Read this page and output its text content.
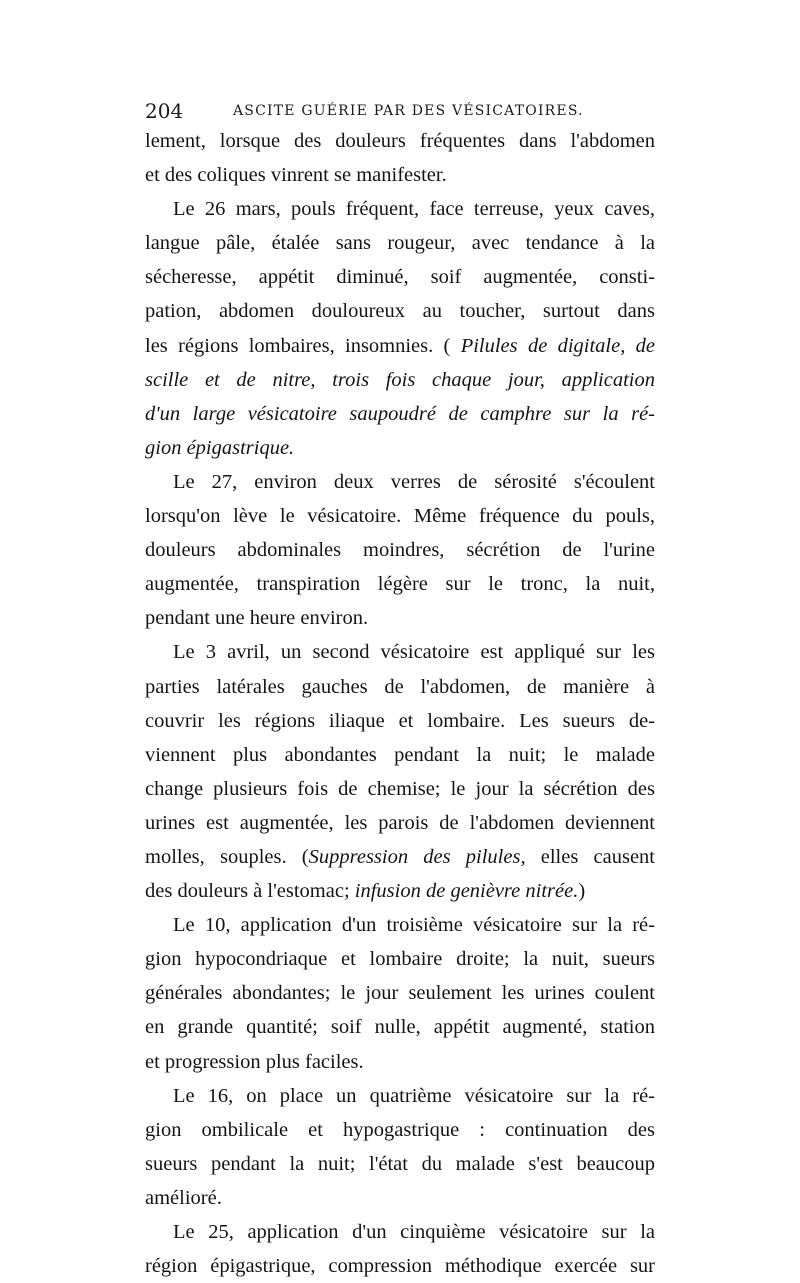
204	ASCITE GUÉRIE PAR DES VÉSICATOIRES.
lement, lorsque des douleurs fréquentes dans l'abdomen
et des coliques vinrent se manifester.
Le 26 mars, pouls fréquent, face terreuse, yeux caves,
langue pâle, étalée sans rougeur, avec tendance à la
sécheresse, appétit diminué, soif augmentée, consti-
pation, abdomen douloureux au toucher, surtout dans
les régions lombaires, insomnies. ( Pilules de digitale, de
scille et de nitre, trois fois chaque jour, application
d'un large vésicatoire saupoudré de camphre sur la ré-
gion épigastrique.
Le 27, environ deux verres de sérosité s'écoulent
lorsqu'on lève le vésicatoire. Même fréquence du pouls,
douleurs abdominales moindres, sécrétion de l'urine
augmentée, transpiration légère sur le tronc, la nuit,
pendant une heure environ.
Le 3 avril, un second vésicatoire est appliqué sur les
parties latérales gauches de l'abdomen, de manière à
couvrir les régions iliaque et lombaire. Les sueurs de-
viennent plus abondantes pendant la nuit; le malade
change plusieurs fois de chemise; le jour la sécrétion des
urines est augmentée, les parois de l'abdomen deviennent
molles, souples. (Suppression des pilules, elles causent
des douleurs à l'estomac; infusion de genièvre nitrée.)
Le 10, application d'un troisième vésicatoire sur la ré-
gion hypocondriaque et lombaire droite; la nuit, sueurs
générales abondantes; le jour seulement les urines coulent
en grande quantité; soif nulle, appétit augmenté, station
et progression plus faciles.
Le 16, on place un quatrième vésicatoire sur la ré-
gion ombilicale et hypogastrique : continuation des
sueurs pendant la nuit; l'état du malade s'est beaucoup
amélioré.
Le 25, application d'un cinquième vésicatoire sur la
région épigastrique, compression méthodique exercée sur
